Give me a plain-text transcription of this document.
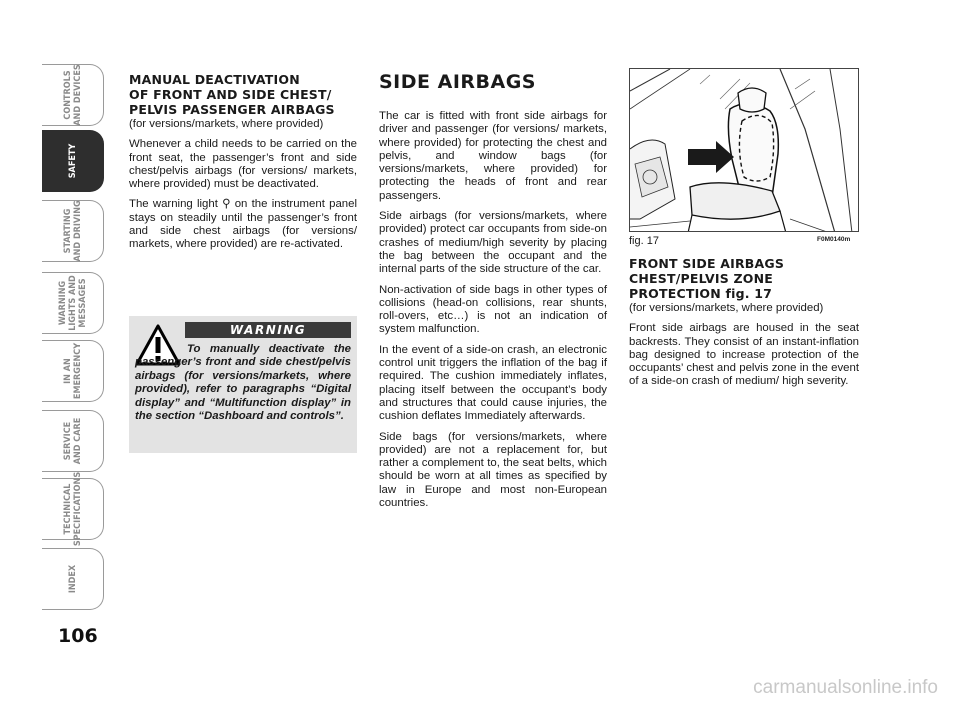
CONTROLS
AND DEVICES
SAFETY
STARTING
AND DRIVING
WARNING
LIGHTS AND
MESSAGES
IN AN
EMERGENCY
SERVICE
AND CARE
TECHNICAL
SPECIFICATIONS
INDEX
106
MANUAL DEACTIVATION
OF FRONT AND SIDE CHEST/
PELVIS PASSENGER AIRBAGS

(for versions/markets, where provided)

Whenever a child needs to be carried on the front seat, the passenger’s front and side chest/pelvis airbags (for versions/ markets, where provided) must be deactivated.

The warning light ⚲ on the instrument panel stays on steadily until the passenger’s front and side chest airbags (for versions/ markets, where provided) are re-activated.

WARNING

To manually deactivate the passenger’s front and side chest/pelvis airbags (for versions/markets, where provided), refer to paragraphs “Digital display” and “Multifunction display” in the section “Dashboard and controls”.

SIDE AIRBAGS

The car is fitted with front side airbags for driver and passenger (for versions/ markets, where provided) for protecting the chest and pelvis, and window bags (for versions/markets, where provided) for protecting the heads of front and rear passengers.

Side airbags (for versions/markets, where provided) protect car occupants from side-on crashes of medium/high severity by placing the bag between the occupant and the internal parts of the side structure of the car.

Non-activation of side bags in other types of collisions (head-on collisions, rear shunts, roll-overs, etc…) is not an indication of system malfunction.

In the event of a side-on crash, an electronic control unit triggers the inflation of the bag if required. The cushion immediately inflates, placing itself between the occupant’s body and structures that could cause injuries, the cushion deflates Immediately afterwards.

Side bags (for versions/markets, where provided) are not a replacement for, but rather a complement to, the seat belts, which should be worn at all times as specified by law in Europe and most non-European countries.

fig. 17	F0M0140m
FRONT SIDE AIRBAGS
CHEST/PELVIS ZONE
PROTECTION fig. 17

(for versions/markets, where provided)

Front side airbags are housed in the seat backrests. They consist of an instant-inflation bag designed to increase protection of the occupants’ chest and pelvis zone in the event of a side-on crash of medium/ high severity.

carmanualsonline.info
